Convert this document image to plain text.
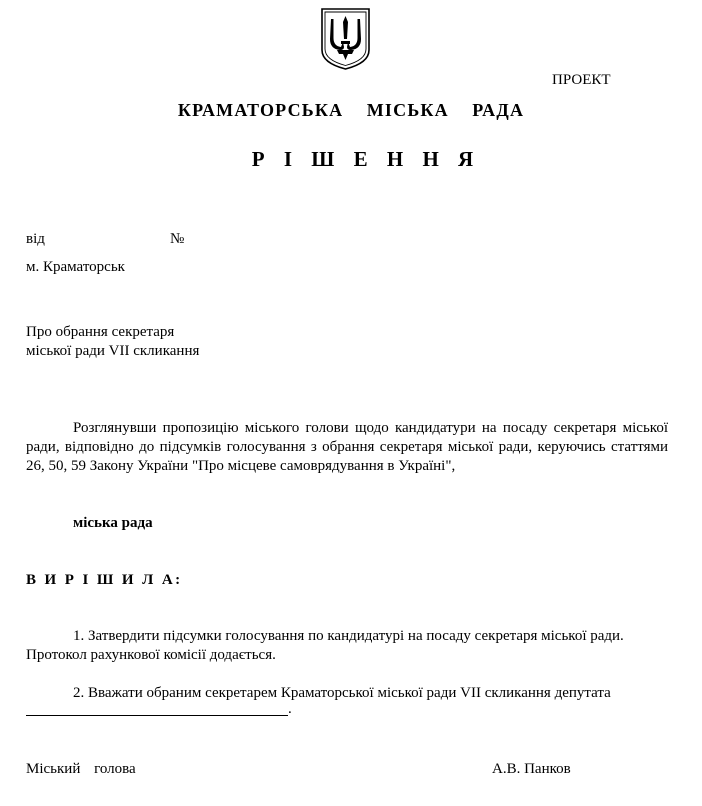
ПРОЕКТ
КРАМАТОРСЬКА  МІСЬКА  РАДА
Р І Ш Е Н Н Я
від	№
м. Краматорськ
Про обрання секретаря
міської ради VII скликання
Розглянувши пропозицію міського голови щодо кандидатури на посаду секретаря міської ради, відповідно до підсумків голосування з обрання секретаря міської ради, керуючись статтями 26, 50, 59 Закону України "Про місцеве самоврядування в Україні",
міська рада
В И Р І Ш И Л А:
1. Затвердити підсумки голосування по кандидатурі на посаду секретаря міської ради. Протокол рахункової комісії додається.
2. Вважати обраним секретарем Краматорської міської ради VII скликання депутата
.
Міський голова	А.В. Панков
